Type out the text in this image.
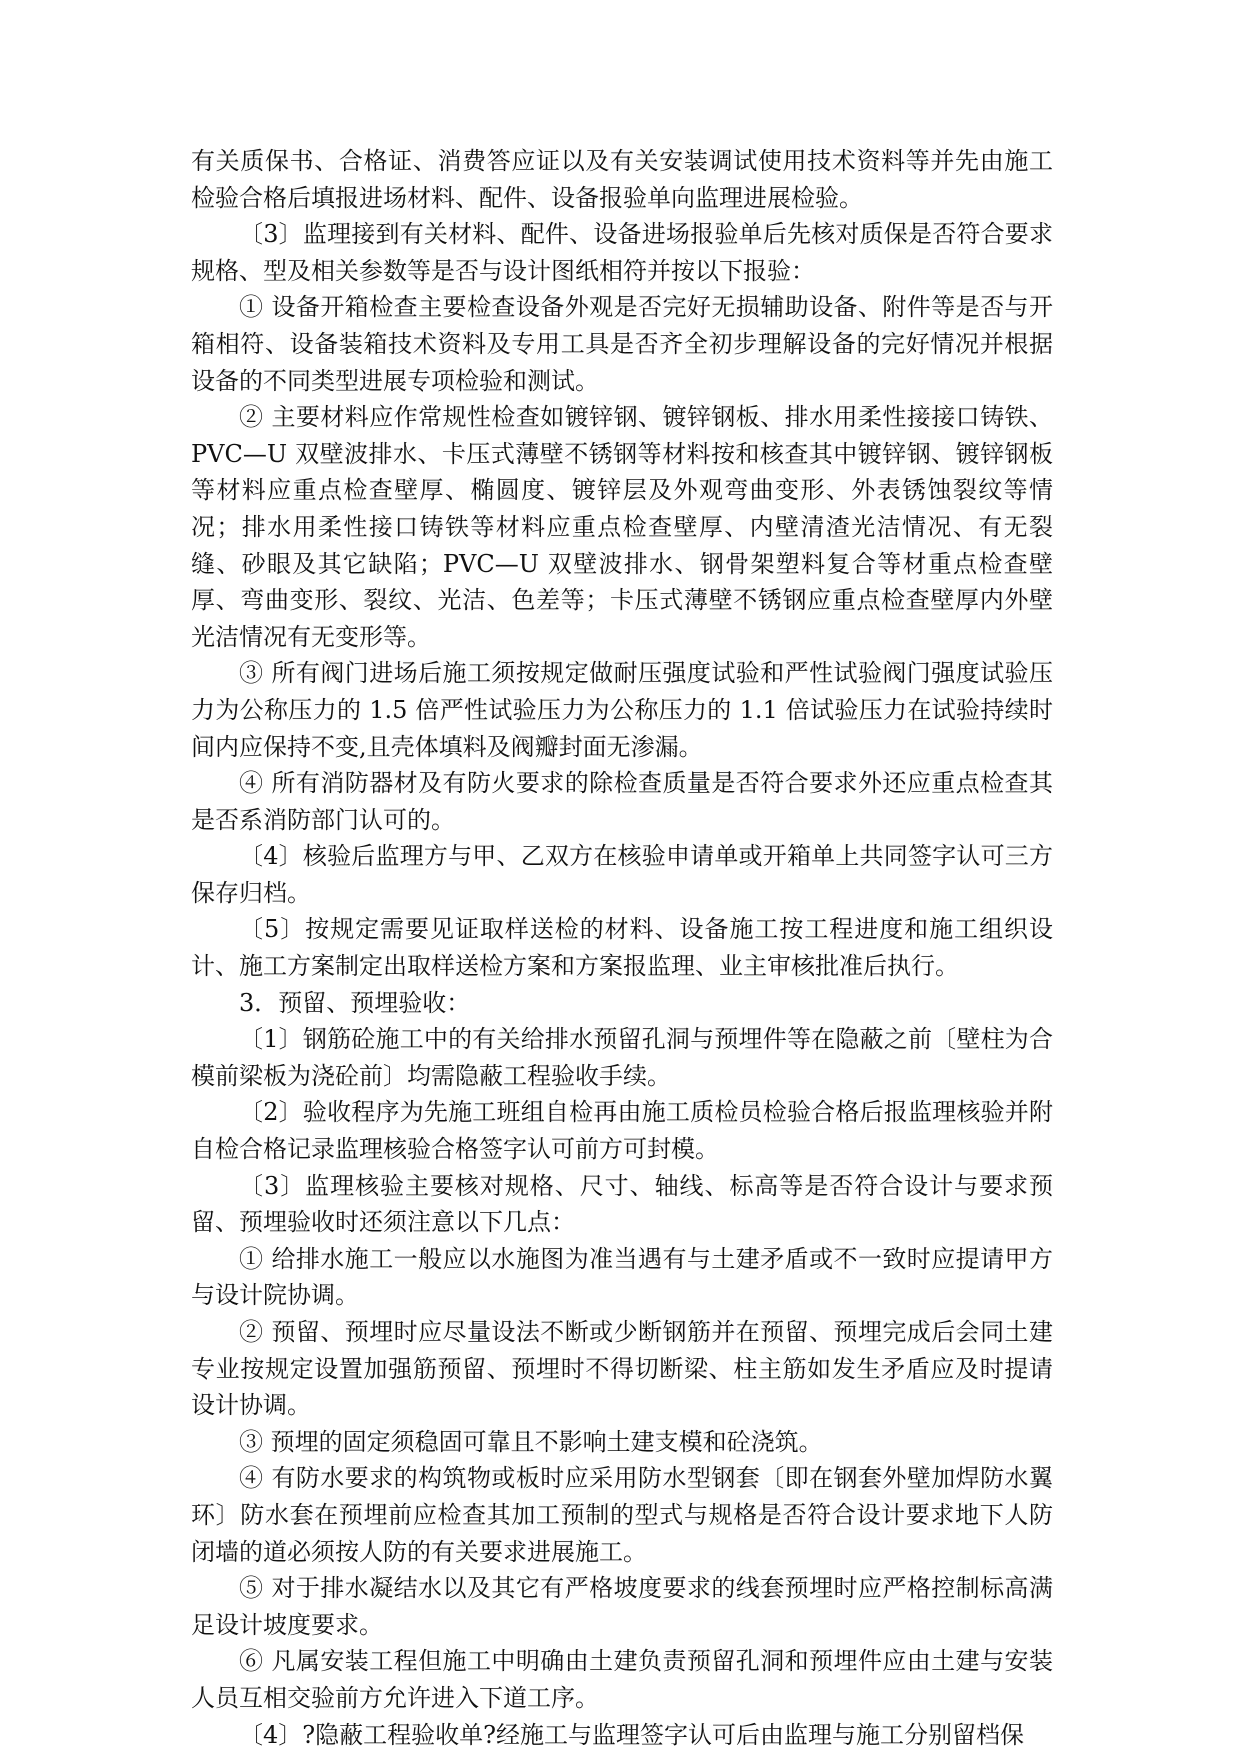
有关质保书、合格证、消费答应证以及有关安装调试使用技术资料等并先由施工检验合格后填报进场材料、配件、设备报验单向监理进展检验。

〔3〕监理接到有关材料、配件、设备进场报验单后先核对质保是否符合要求规格、型及相关参数等是否与设计图纸相符并按以下报验：

① 设备开箱检查主要检查设备外观是否完好无损辅助设备、附件等是否与开箱相符、设备装箱技术资料及专用工具是否齐全初步理解设备的完好情况并根据设备的不同类型进展专项检验和测试。

② 主要材料应作常规性检查如镀锌钢、镀锌钢板、排水用柔性接接口铸铁、PVC—U 双壁波排水、卡压式薄壁不锈钢等材料按和核查其中镀锌钢、镀锌钢板等材料应重点检查壁厚、椭圆度、镀锌层及外观弯曲变形、外表锈蚀裂纹等情况；排水用柔性接口铸铁等材料应重点检查壁厚、内壁清渣光洁情况、有无裂缝、砂眼及其它缺陷；PVC—U 双壁波排水、钢骨架塑料复合等材重点检查壁厚、弯曲变形、裂纹、光洁、色差等；卡压式薄壁不锈钢应重点检查壁厚内外壁光洁情况有无变形等。

③ 所有阀门进场后施工须按规定做耐压强度试验和严性试验阀门强度试验压力为公称压力的 1.5 倍严性试验压力为公称压力的 1.1 倍试验压力在试验持续时间内应保持不变,且壳体填料及阀瓣封面无渗漏。

④ 所有消防器材及有防火要求的除检查质量是否符合要求外还应重点检查其是否系消防部门认可的。

〔4〕核验后监理方与甲、乙双方在核验申请单或开箱单上共同签字认可三方保存归档。

〔5〕按规定需要见证取样送检的材料、设备施工按工程进度和施工组织设计、施工方案制定出取样送检方案和方案报监理、业主审核批准后执行。

3．预留、预埋验收：

〔1〕钢筋砼施工中的有关给排水预留孔洞与预埋件等在隐蔽之前〔壁柱为合模前梁板为浇砼前〕均需隐蔽工程验收手续。

〔2〕验收程序为先施工班组自检再由施工质检员检验合格后报监理核验并附自检合格记录监理核验合格签字认可前方可封模。

〔3〕监理核验主要核对规格、尺寸、轴线、标高等是否符合设计与要求预留、预埋验收时还须注意以下几点：

① 给排水施工一般应以水施图为准当遇有与土建矛盾或不一致时应提请甲方与设计院协调。

② 预留、预埋时应尽量设法不断或少断钢筋并在预留、预埋完成后会同土建专业按规定设置加强筋预留、预埋时不得切断梁、柱主筋如发生矛盾应及时提请设计协调。

③ 预埋的固定须稳固可靠且不影响土建支模和砼浇筑。

④ 有防水要求的构筑物或板时应采用防水型钢套〔即在钢套外壁加焊防水翼环〕防水套在预埋前应检查其加工预制的型式与规格是否符合设计要求地下人防闭墙的道必须按人防的有关要求进展施工。

⑤ 对于排水凝结水以及其它有严格坡度要求的线套预埋时应严格控制标高满足设计坡度要求。

⑥ 凡属安装工程但施工中明确由土建负责预留孔洞和预埋件应由土建与安装人员互相交验前方允许进入下道工序。

〔4〕?隐蔽工程验收单?经施工与监理签字认可后由监理与施工分别留档保
